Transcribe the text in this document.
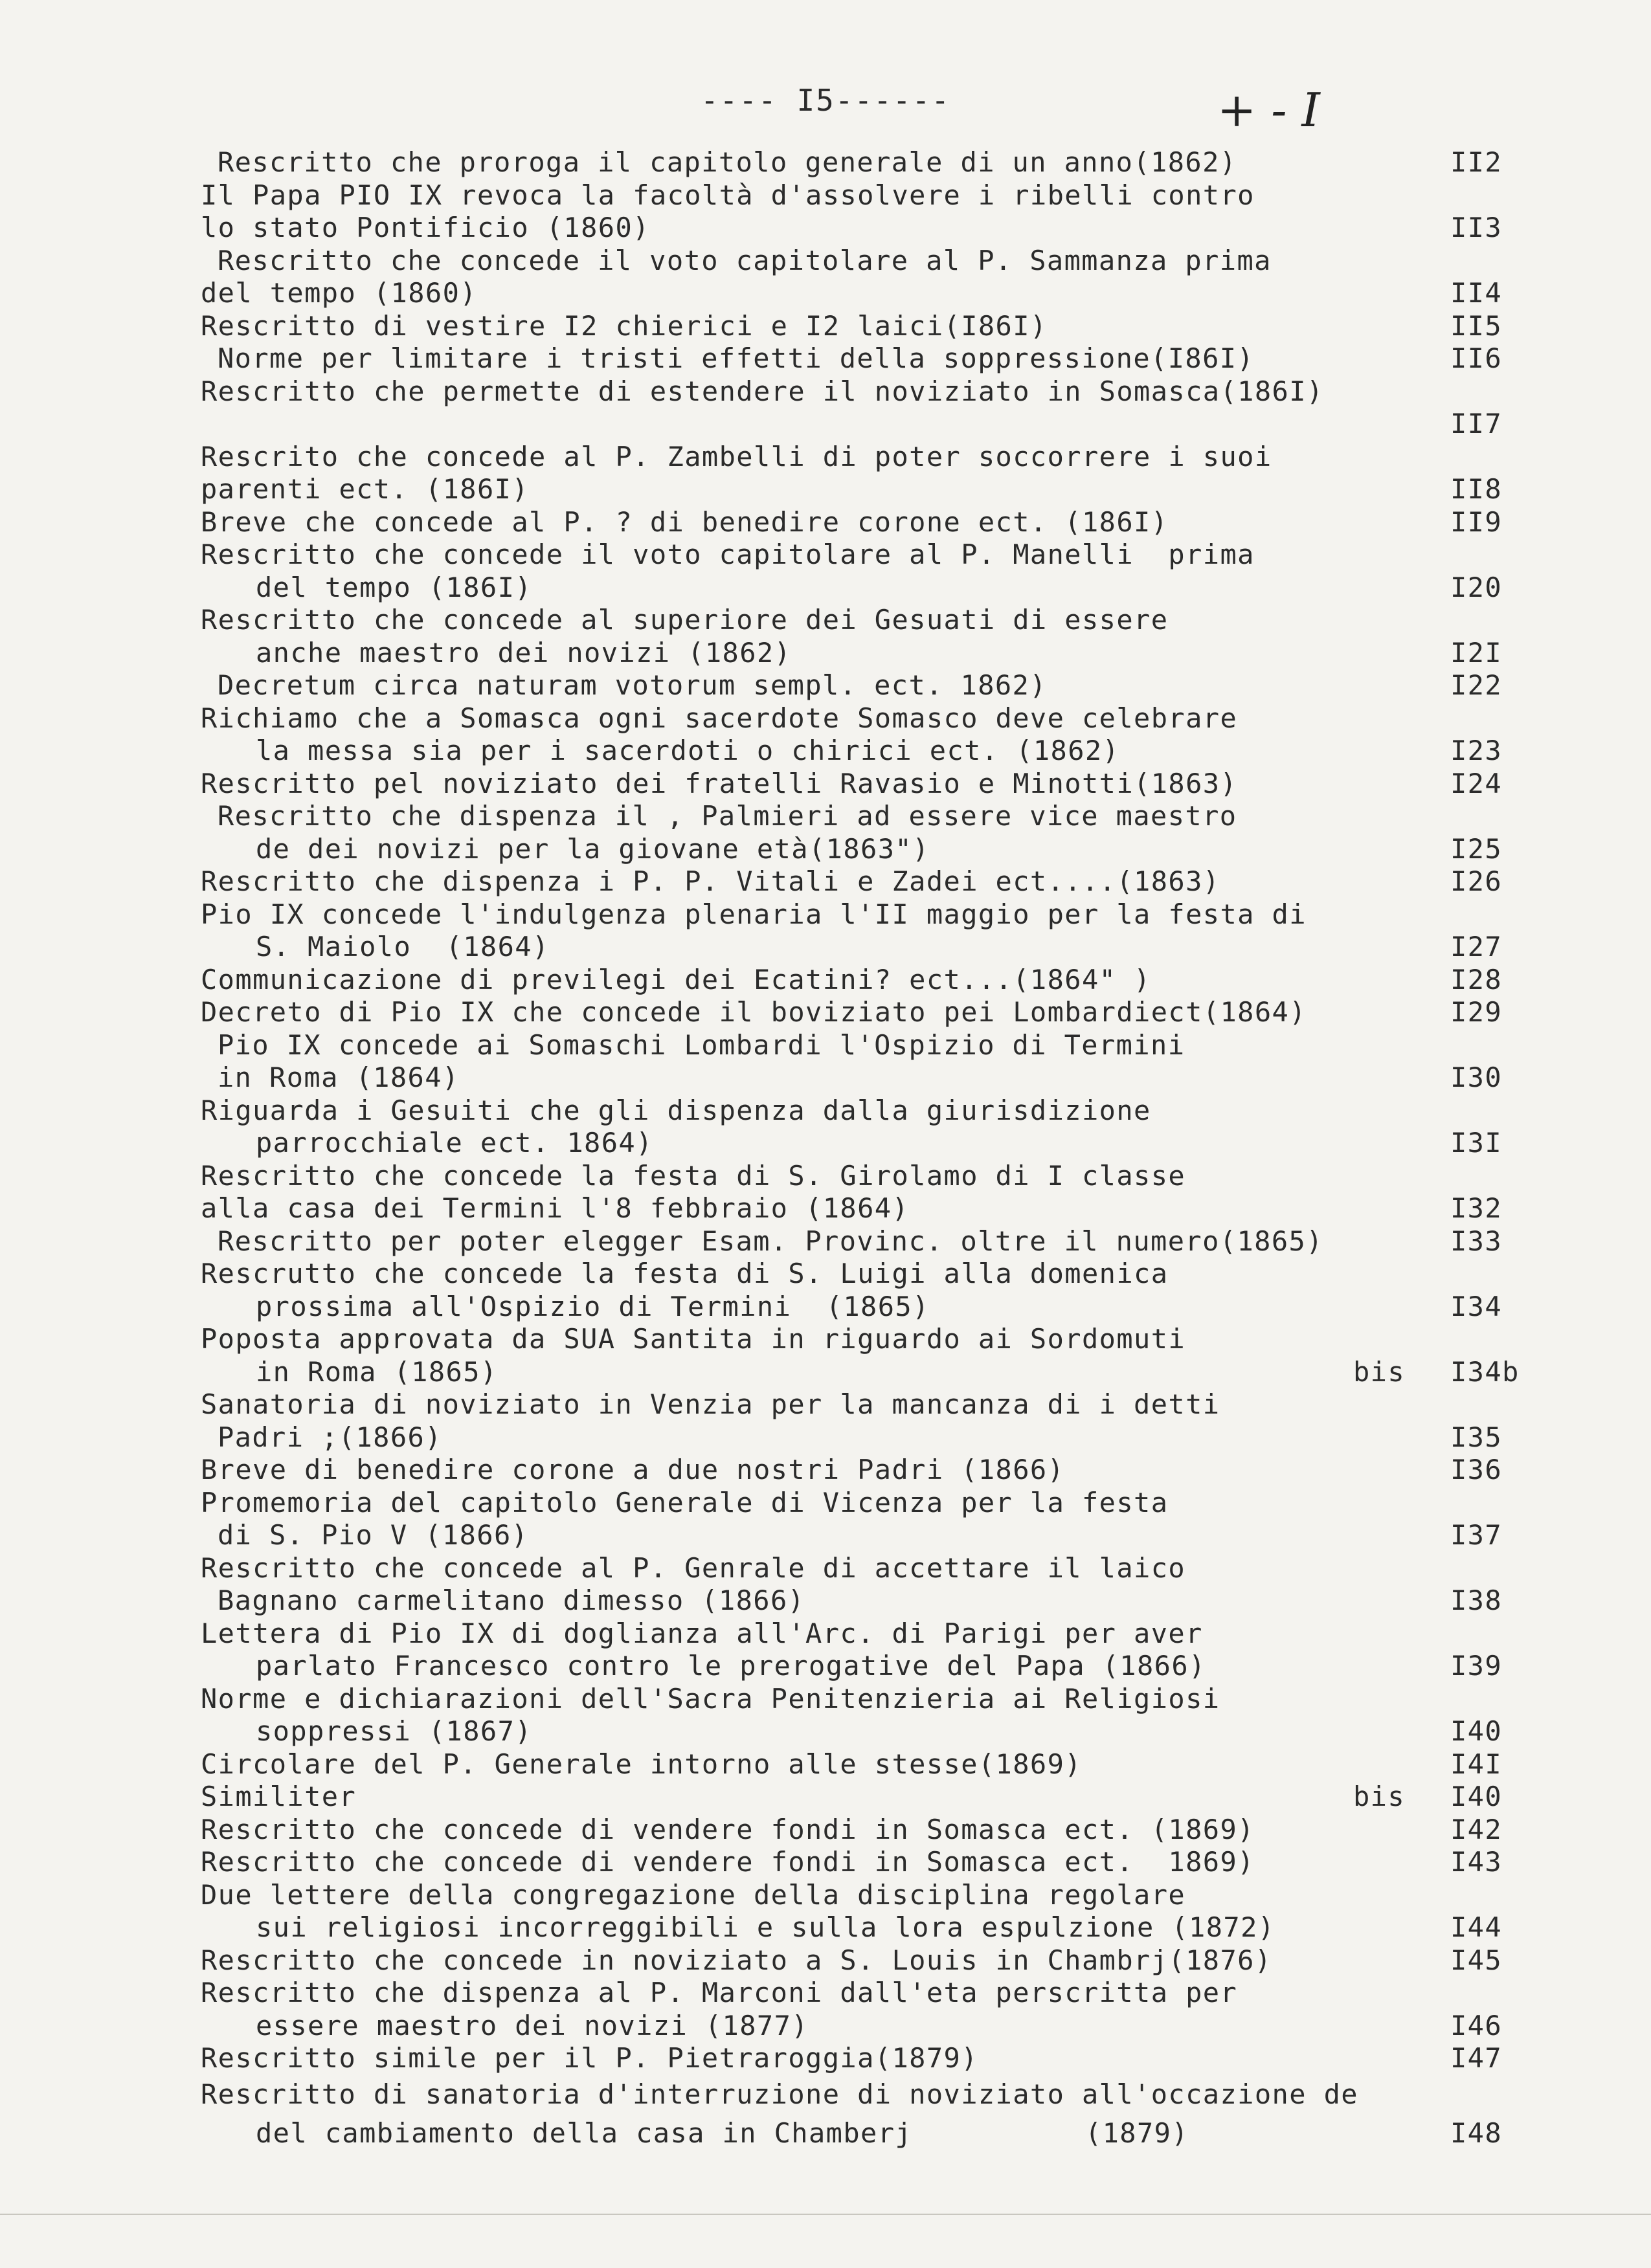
---- I5------	+ - I
Rescritto che proroga il capitolo generale di un anno(1862)	II2
Il Papa PIO IX revoca la facoltà d'assolvere i ribelli contro
lo stato Pontificio (1860)	II3
Rescritto che concede il voto capitolare al P. Sammanza prima
del tempo (1860)	II4
Rescritto di vestire I2 chierici e I2 laici(I86I)	II5
Norme per limitare i tristi effetti della soppressione(I86I)	II6
Rescritto che permette di estendere il noviziato in Somasca(186I)
II7
Rescrito che concede al P. Zambelli di poter soccorrere i suoi
parenti ect. (186I)	II8
Breve che concede al P. ? di benedire corone ect. (186I)	II9
Rescritto che concede il voto capitolare al P. Manelli  prima
del tempo (186I)	I20
Rescritto che concede al superiore dei Gesuati di essere
anche maestro dei novizi (1862)	I2I
Decretum circa naturam votorum sempl. ect. 1862)	I22
Richiamo che a Somasca ogni sacerdote Somasco deve celebrare
la messa sia per i sacerdoti o chirici ect. (1862)	I23
Rescritto pel noviziato dei fratelli Ravasio e Minotti(1863)	I24
Rescritto che dispenza il , Palmieri ad essere vice maestro
de dei novizi per la giovane età(1863")	I25
Rescritto che dispenza i P. P. Vitali e Zadei ect....(1863)	I26
Pio IX concede l'indulgenza plenaria l'II maggio per la festa di
S. Maiolo  (1864)	I27
Communicazione di previlegi dei Ecatini? ect...(1864" )	I28
Decreto di Pio IX che concede il boviziato pei Lombardiect(1864)	I29
Pio IX concede ai Somaschi Lombardi l'Ospizio di Termini
in Roma (1864)	I30
Riguarda i Gesuiti che gli dispenza dalla giurisdizione
parrocchiale ect. 1864)	I3I
Rescritto che concede la festa di S. Girolamo di I classe
alla casa dei Termini l'8 febbraio (1864)	I32
Rescritto per poter elegger Esam. Provinc. oltre il numero(1865)	I33
Rescrutto che concede la festa di S. Luigi alla domenica
prossima all'Ospizio di Termini  (1865)	I34
Poposta approvata da SUA Santita in riguardo ai Sordomuti
in Roma (1865)	bis I34b
Sanatoria di noviziato in Venzia per la mancanza di i detti
Padri ;(1866)	I35
Breve di benedire corone a due nostri Padri (1866)	I36
Promemoria del capitolo Generale di Vicenza per la festa
di S. Pio V (1866)	I37
Rescritto che concede al P. Genrale di accettare il laico
Bagnano carmelitano dimesso (1866)	I38
Lettera di Pio IX di doglianza all'Arc. di Parigi per aver
parlato Francesco contro le prerogative del Papa (1866)	I39
Norme e dichiarazioni dell'Sacra Penitenzieria ai Religiosi
soppressi (1867)	I40
Circolare del P. Generale intorno alle stesse(1869)	I4I
Similiter	bis I40
Rescritto che concede di vendere fondi in Somasca ect. (1869)	I42
Rescritto che concede di vendere fondi in Somasca ect.  1869)	I43
Due lettere della congregazione della disciplina regolare
sui religiosi incorreggibili e sulla lora espulzione (1872)	I44
Rescritto che concede in noviziato a S. Louis in Chambrj(1876)	I45
Rescritto che dispenza al P. Marconi dall'eta perscritta per
essere maestro dei novizi (1877)	I46
Rescritto simile per il P. Pietraroggia(1879)	I47
Rescritto di sanatoria d'interruzione di noviziato all'occazione de
del cambiamento della casa in Chamberj          (1879)	I48
